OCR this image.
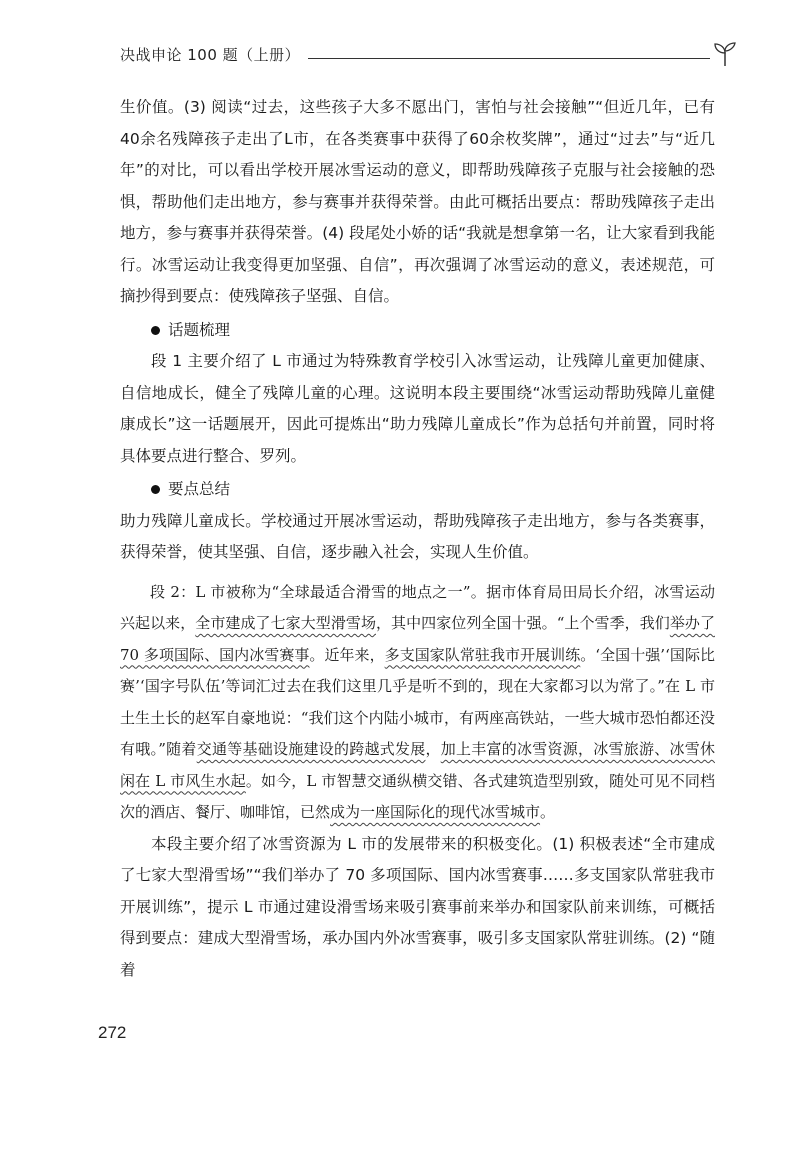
决战申论 100 题（上册）

生价值。(3) 阅读“过去，这些孩子大多不愿出门，害怕与社会接触”“但近几年，已有40余名残障孩子走出了L市，在各类赛事中获得了60余枚奖牌”，通过“过去”与“近几年”的对比，可以看出学校开展冰雪运动的意义，即帮助残障孩子克服与社会接触的恐惧，帮助他们走出地方，参与赛事并获得荣誉。由此可概括出要点：帮助残障孩子走出地方，参与赛事并获得荣誉。(4) 段尾处小娇的话“我就是想拿第一名，让大家看到我能行。冰雪运动让我变得更加坚强、自信”，再次强调了冰雪运动的意义，表述规范，可摘抄得到要点：使残障孩子坚强、自信。

话题梳理

段 1 主要介绍了 L 市通过为特殊教育学校引入冰雪运动，让残障儿童更加健康、自信地成长，健全了残障儿童的心理。这说明本段主要围绕“冰雪运动帮助残障儿童健康成长”这一话题展开，因此可提炼出“助力残障儿童成长”作为总括句并前置，同时将具体要点进行整合、罗列。

要点总结

助力残障儿童成长。学校通过开展冰雪运动，帮助残障孩子走出地方，参与各类赛事，获得荣誉，使其坚强、自信，逐步融入社会，实现人生价值。

段 2：L 市被称为“全球最适合滑雪的地点之一”。据市体育局田局长介绍，冰雪运动兴起以来，全市建成了七家大型滑雪场，其中四家位列全国十强。“上个雪季，我们举办了 70 多项国际、国内冰雪赛事。近年来，多支国家队常驻我市开展训练。‘全国十强’‘国际比赛’‘国字号队伍’等词汇过去在我们这里几乎是听不到的，现在大家都习以为常了。”在 L 市土生土长的赵军自豪地说：“我们这个内陆小城市，有两座高铁站，一些大城市恐怕都还没有哦。”随着交通等基础设施建设的跨越式发展，加上丰富的冰雪资源，冰雪旅游、冰雪休闲在 L 市风生水起。如今，L 市智慧交通纵横交错、各式建筑造型别致，随处可见不同档次的酒店、餐厅、咖啡馆，已然成为一座国际化的现代冰雪城市。

本段主要介绍了冰雪资源为 L 市的发展带来的积极变化。(1) 积极表述“全市建成了七家大型滑雪场”“我们举办了 70 多项国际、国内冰雪赛事……多支国家队常驻我市开展训练”，提示 L 市通过建设滑雪场来吸引赛事前来举办和国家队前来训练，可概括得到要点：建成大型滑雪场，承办国内外冰雪赛事，吸引多支国家队常驻训练。(2) “随着

272
